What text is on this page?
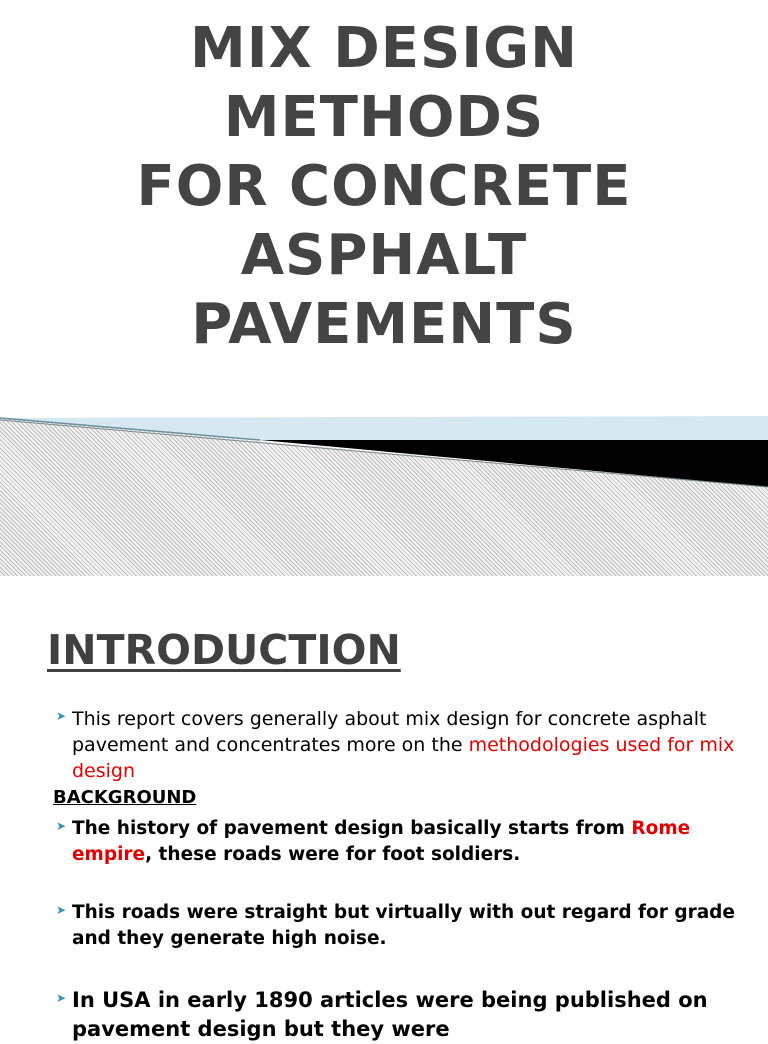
MIX DESIGN
METHODS
FOR CONCRETE
ASPHALT
PAVEMENTS
INTRODUCTION
➤ This report covers generally about mix design for concrete asphalt pavement and concentrates more on the methodologies used for mix design
BACKGROUND
➤ The history of pavement design basically starts from Rome empire, these roads were for foot soldiers.
➤ This roads were straight but virtually with out regard for grade and they generate high noise.
➤ In USA in early 1890 articles were being published on pavement design but they were
